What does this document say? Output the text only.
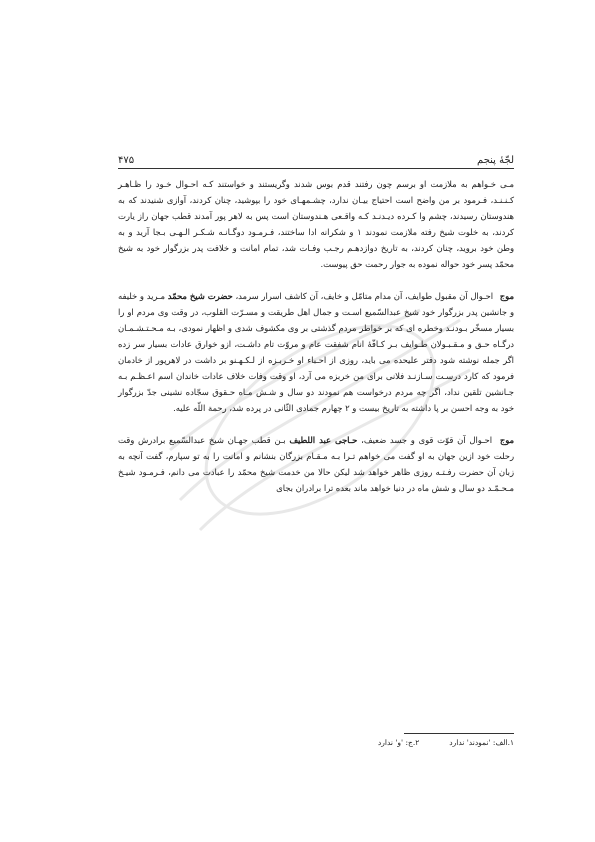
لجّهٔ پنجم
۴۷۵

مـی خـواهم به ملازمت او برسم چون رفتند قدم بوس شدند وگریستند و خواستند کـه احـوال خـود را ظـاهـر کـنـنـد، فـرمود بر من واضح است احتیاج بیـان ندارد، چشـمهـای خود را بپوشید، چنان کردند، آوازی شنیدند که به هندوستان رسیدند، چشم وا کـرده دیـدنـد کـه واقـعی هـندوستان است پس به لاهر پور آمدند قطب جهان راز یارت کردند، به خلوت شیخ رفته ملازمت نمودند ۱ و شکرانه ادا ساختند، فـرمـود دوگـانـه شـکـر الـهـی بـجا آرید و به وطن خود بروید، چنان کردند، به تاریخ دوازدهـم رجـب وفـات شد، تمام امانت و خلافت پدر بزرگوار خود به شیخ محمّد پسر خود حواله نموده به جوار رحمت حق پیوست.

موج احـوال آن مقبول طوایف، آن مدام متامّل و خایف، آن کاشف اسرار سرمد، حضرت شیخ محمّد مـرید و خلیفه و جانشین پدر بزرگوار خود شیخ عبدالسّمیع اسـت و جمال اهل طریقت و مسـرّت القلوب، در وقت وی مردم او را بسیار مسخّر بـودنـد وخطره ای که بر خواطر مردم گذشتی بر وی مکشوف شدی و اظهار نمودی، بـه مـحـتـشـمـان درگـاه حـق و مـقـبـولان طـوایف بـر کـافّهٔ انام شفقت عام و مروّت تام داشـت، ازو خوارق عادات بسیار سر زده اگر جمله نوشته شود دفتر علیحده می باید، روزی از احـباء او خـربـزه از لـکـهـنو بر داشت در لاهرپور از خادمان فرمود که کارد درسـت سـازنـد فلانی برای من خربزه می آرد، او وقت وفات خلاف عادات خاندان اسم اعـظـم بـه جـانشین تلقین نداد، اگر چه مردم درخواست هم نمودند دو سال و شـش مـاه حـقوق سجّاده نشینی جدّ بزرگوار خود به وجه احسن بر پا داشته به تاریخ بیست و ۲ چهارم جمادی الثّانی در پرده شد، رحمة اللّه علیه.

موج احـوال آن قوّت قوی و جسد ضعیف، حـاجی عبد اللطیف بـن قطب جهـان شیخ عبدالسّمیع برادرش وقت رحلت خود ازین جهان به او گفت می خواهم تـرا بـه مـقـام بزرگان بنشانم و امانت را به تو سپارم، گفت آنچه به زبان آن حضرت رفـتـه روزی ظاهر خواهد شد لیکن حالا من خدمت شیخ محمّد را عبادت می دانم، فـرمـود شیـخ مـحـمّـد دو سال و شش ماه در دنیا خواهد ماند بعده ترا برادران بجای

۱.الف: 'نمودند' ندارد
۲.ج: 'و' ندارد
